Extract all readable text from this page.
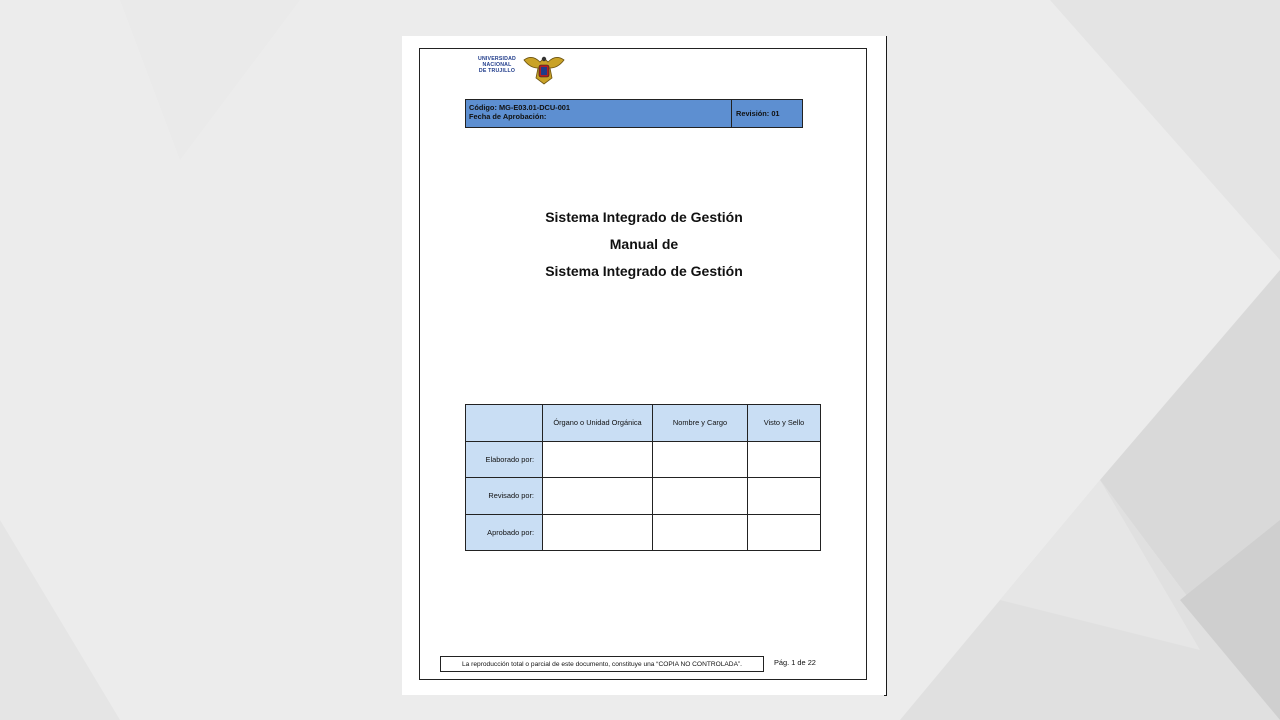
UNIVERSIDAD
NACIONAL
DE TRUJILLO
Código: MG-E03.01-DCU-001
Fecha de Aprobación:	Revisión: 01
Sistema Integrado de Gestión
Manual de
Sistema Integrado de Gestión
	Órgano o Unidad Orgánica	Nombre y Cargo	Visto y Sello
Elaborado por:			
Revisado por:			
Aprobado por:			
La reproducción total o parcial de este documento, constituye una “COPIA NO CONTROLADA”.	Pág. 1 de 22
